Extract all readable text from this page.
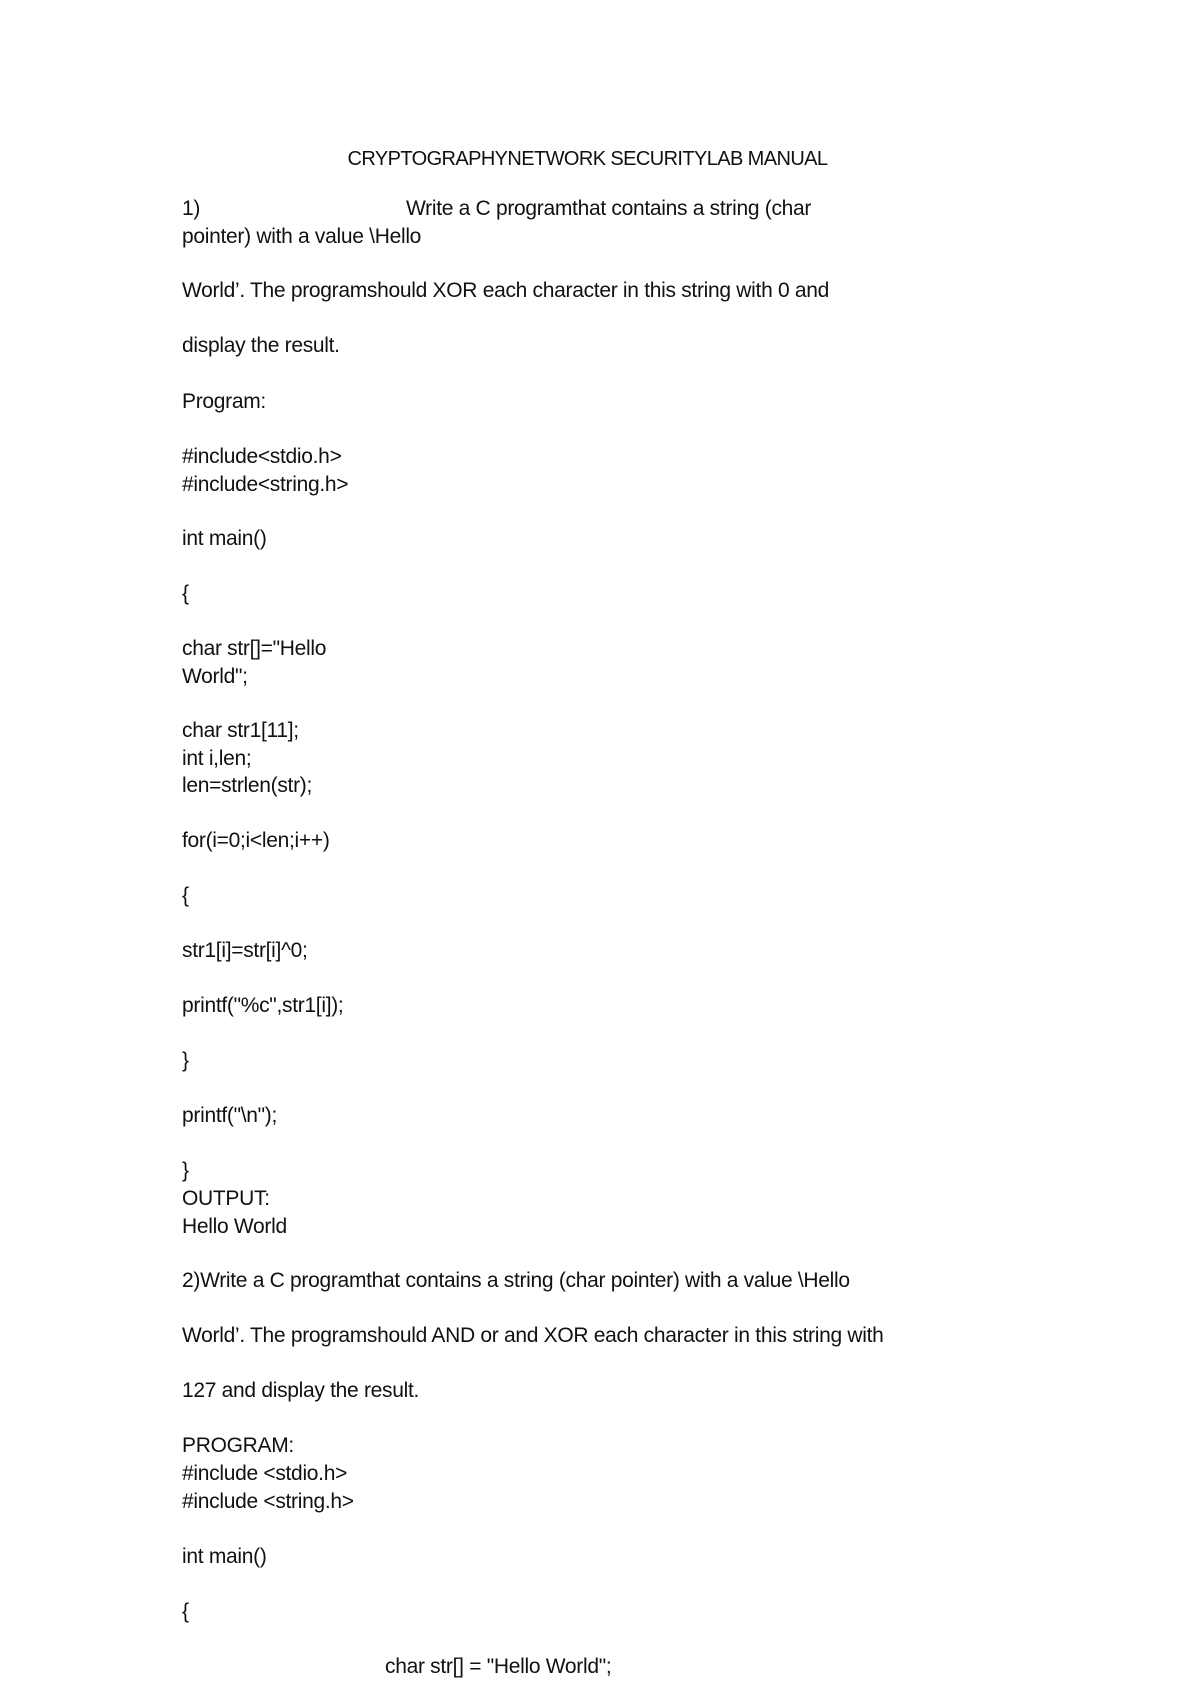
CRYPTOGRAPHYNETWORK SECURITYLAB MANUAL
1)	Write a C programthat contains a string (char
pointer) with a value \Hello
World’. The programshould XOR each character in this string with 0 and
display the result.
Program:
#include<stdio.h>
#include<string.h>
int main()
{
char str[]="Hello
World";
char str1[11];
int i,len;
len=strlen(str);
for(i=0;i<len;i++)
{
str1[i]=str[i]^0;
printf("%c",str1[i]);
}
printf("\n");
}
OUTPUT:
Hello World
2)Write a C programthat contains a string (char pointer) with a value \Hello
World’. The programshould AND or and XOR each character in this string with
127 and display the result.
PROGRAM:
#include <stdio.h>
#include <string.h>
int main()
{
char str[] = "Hello World";
